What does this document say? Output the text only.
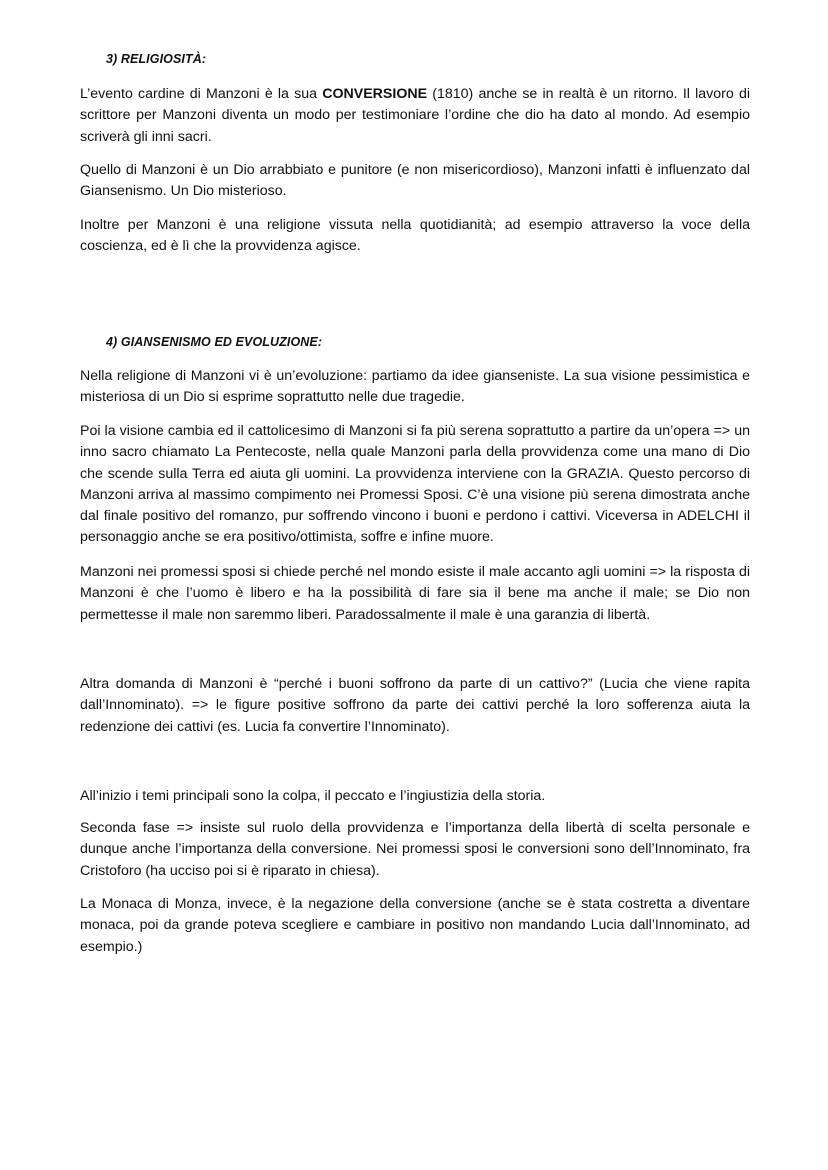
3) RELIGIOSITÀ:

L’evento cardine di Manzoni è la sua CONVERSIONE (1810) anche se in realtà è un ritorno. Il lavoro di scrittore per Manzoni diventa un modo per testimoniare l’ordine che dio ha dato al mondo. Ad esempio scriverà gli inni sacri.

Quello di Manzoni è un Dio arrabbiato e punitore (e non misericordioso), Manzoni infatti è influenzato dal Giansenismo. Un Dio misterioso.

Inoltre per Manzoni è una religione vissuta nella quotidianità; ad esempio attraverso la voce della coscienza, ed è lì che la provvidenza agisce.

4) GIANSENISMO ED EVOLUZIONE:

Nella religione di Manzoni vi è un’evoluzione: partiamo da idee gianseniste. La sua visione pessimistica e misteriosa di un Dio si esprime soprattutto nelle due tragedie.

Poi la visione cambia ed il cattolicesimo di Manzoni si fa più serena soprattutto a partire da un’opera => un inno sacro chiamato La Pentecoste, nella quale Manzoni parla della provvidenza come una mano di Dio che scende sulla Terra ed aiuta gli uomini. La provvidenza interviene con la GRAZIA. Questo percorso di Manzoni arriva al massimo compimento nei Promessi Sposi. C’è una visione più serena dimostrata anche dal finale positivo del romanzo, pur soffrendo vincono i buoni e perdono i cattivi. Viceversa in ADELCHI il personaggio anche se era positivo/ottimista, soffre e infine muore.

Manzoni nei promessi sposi si chiede perché nel mondo esiste il male accanto agli uomini => la risposta di Manzoni è che l’uomo è libero e ha la possibilità di fare sia il bene ma anche il male; se Dio non permettesse il male non saremmo liberi. Paradossalmente il male è una garanzia di libertà.

Altra domanda di Manzoni è “perché i buoni soffrono da parte di un cattivo?” (Lucia che viene rapita dall’Innominato). => le figure positive soffrono da parte dei cattivi perché la loro sofferenza aiuta la redenzione dei cattivi (es. Lucia fa convertire l’Innominato).

All’inizio i temi principali sono la colpa, il peccato e l’ingiustizia della storia.

Seconda fase => insiste sul ruolo della provvidenza e l’importanza della libertà di scelta personale e dunque anche l’importanza della conversione. Nei promessi sposi le conversioni sono dell’Innominato, fra Cristoforo (ha ucciso poi si è riparato in chiesa).

La Monaca di Monza, invece, è la negazione della conversione (anche se è stata costretta a diventare monaca, poi da grande poteva scegliere e cambiare in positivo non mandando Lucia dall’Innominato, ad esempio.)
